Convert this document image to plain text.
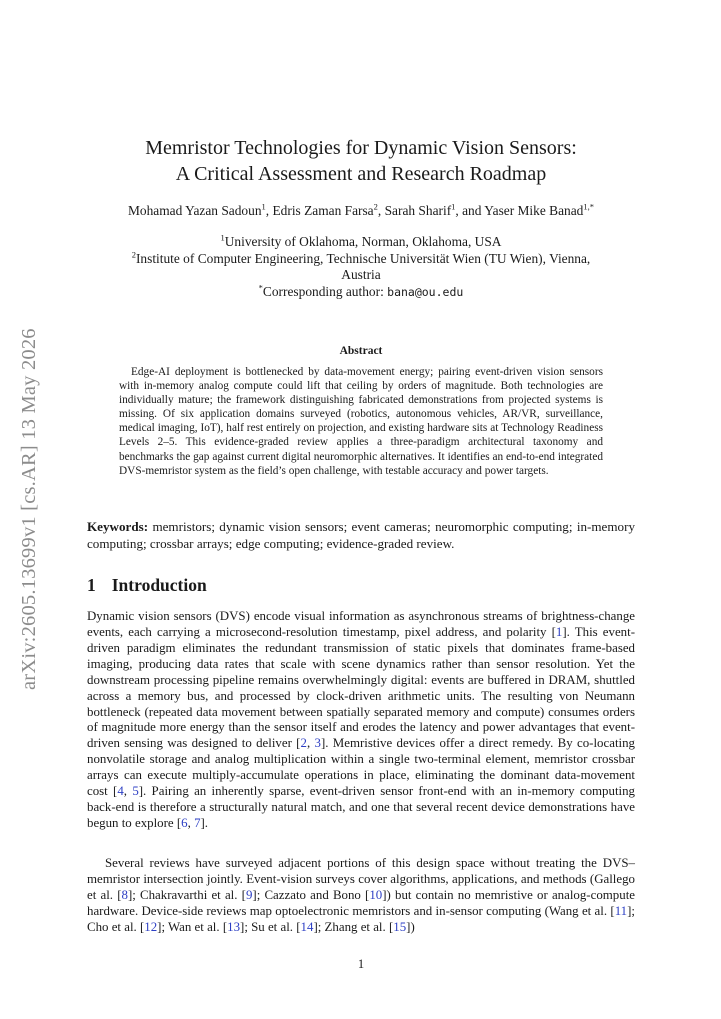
arXiv:2605.13699v1 [cs.AR] 13 May 2026
Memristor Technologies for Dynamic Vision Sensors:
A Critical Assessment and Research Roadmap
Mohamad Yazan Sadoun$^1$, Edris Zaman Farsa$^2$, Sarah Sharif$^1$, and Yaser Mike Banad$^{1,*}$
$^1$University of Oklahoma, Norman, Oklahoma, USA
$^2$Institute of Computer Engineering, Technische Universität Wien (TU Wien), Vienna,
Austria
*Corresponding author: bana@ou.edu
Abstract
Edge-AI deployment is bottlenecked by data-movement energy; pairing event-driven vision sensors with in-memory analog compute could lift that ceiling by orders of magnitude. Both technologies are individually mature; the framework distinguishing fabricated demonstrations from projected systems is missing. Of six application domains surveyed (robotics, autonomous vehicles, AR/VR, surveillance, medical imaging, IoT), half rest entirely on projection, and existing hardware sits at Technology Readiness Levels 2–5. This evidence-graded review applies a three-paradigm architectural taxonomy and benchmarks the gap against current digital neuromorphic alternatives. It identifies an end-to-end integrated DVS-memristor system as the field’s open challenge, with testable accuracy and power targets.
Keywords: memristors; dynamic vision sensors; event cameras; neuromorphic computing; in-memory computing; crossbar arrays; edge computing; evidence-graded review.
1 Introduction
Dynamic vision sensors (DVS) encode visual information as asynchronous streams of brightness-change events, each carrying a microsecond-resolution timestamp, pixel address, and polarity [1]. This event-driven paradigm eliminates the redundant transmission of static pixels that dominates frame-based imaging, producing data rates that scale with scene dynamics rather than sensor resolution. Yet the downstream processing pipeline remains overwhelmingly digital: events are buffered in DRAM, shuttled across a memory bus, and processed by clock-driven arithmetic units. The resulting von Neumann bottleneck (repeated data movement between spatially separated memory and compute) consumes orders of magnitude more energy than the sensor itself and erodes the latency and power advantages that event-driven sensing was designed to deliver [2, 3]. Memristive devices offer a direct remedy. By co-locating nonvolatile storage and analog multiplication within a single two-terminal element, memristor crossbar arrays can execute multiply-accumulate operations in place, eliminating the dominant data-movement cost [4, 5]. Pairing an inherently sparse, event-driven sensor front-end with an in-memory computing back-end is therefore a structurally natural match, and one that several recent device demonstrations have begun to explore [6, 7].
Several reviews have surveyed adjacent portions of this design space without treating the DVS–memristor intersection jointly. Event-vision surveys cover algorithms, applications, and methods (Gallego et al. [8]; Chakravarthi et al. [9]; Cazzato and Bono [10]) but contain no memristive or analog-compute hardware. Device-side reviews map optoelectronic memristors and in-sensor computing (Wang et al. [11]; Cho et al. [12]; Wan et al. [13]; Su et al. [14]; Zhang et al. [15])
1
